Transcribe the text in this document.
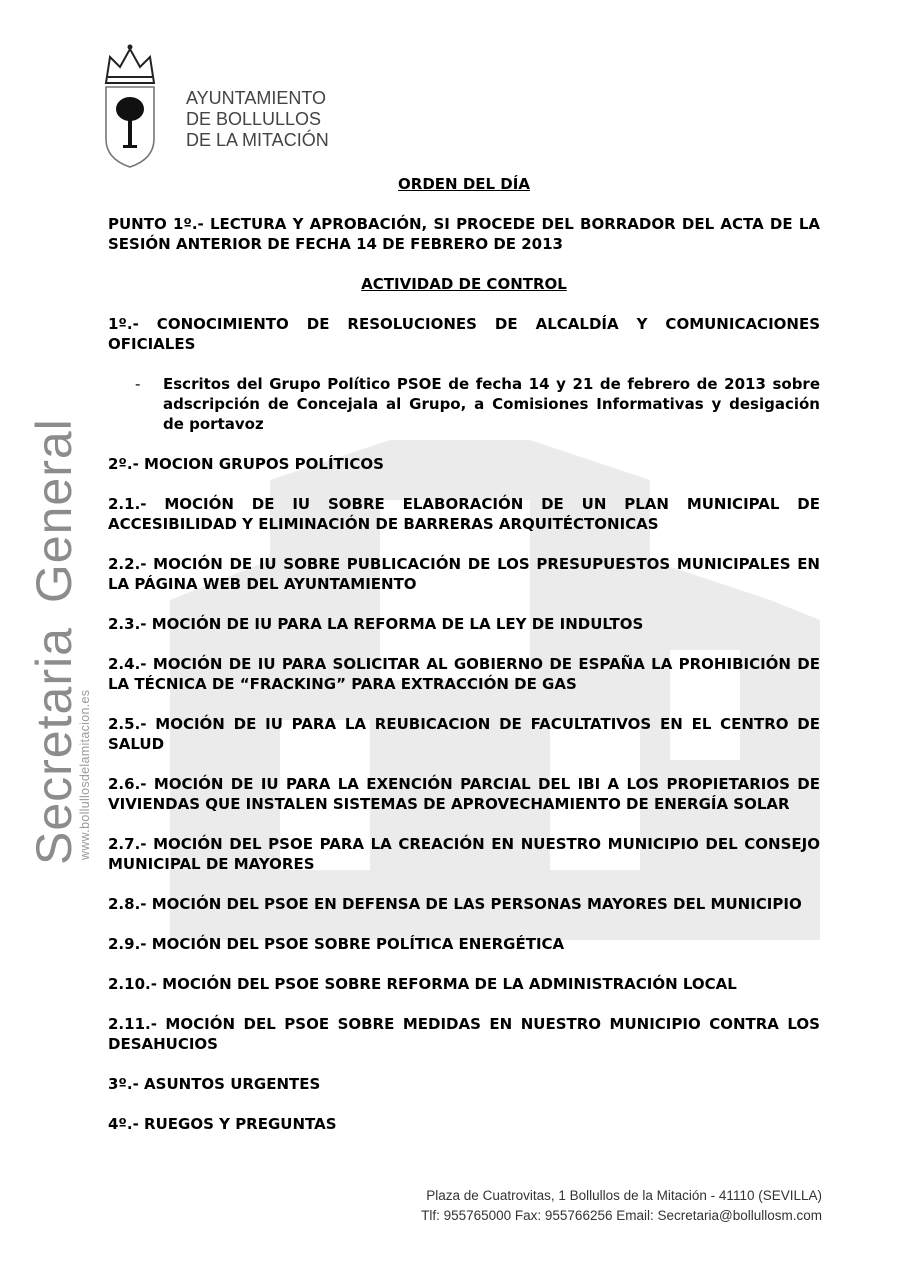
SecretariaGeneral
www.bollullosdelamitacion.es
AYUNTAMIENTO
DE BOLLULLOS
DE LA MITACIÓN

ORDEN DEL DÍA

PUNTO 1º.- LECTURA Y APROBACIÓN, SI PROCEDE DEL BORRADOR DEL ACTA DE LA SESIÓN ANTERIOR DE FECHA 14 DE FEBRERO DE 2013

ACTIVIDAD DE CONTROL

1º.- CONOCIMIENTO DE RESOLUCIONES DE ALCALDÍA Y COMUNICACIONES OFICIALES

-	Escritos del Grupo Político PSOE de fecha 14 y 21 de febrero de 2013 sobre adscripción de Concejala al Grupo, a Comisiones Informativas y desigación de portavoz

2º.- MOCION GRUPOS POLÍTICOS

2.1.- MOCIÓN DE IU SOBRE ELABORACIÓN DE UN PLAN MUNICIPAL DE ACCESIBILIDAD Y ELIMINACIÓN DE BARRERAS ARQUITÉCTONICAS

2.2.- MOCIÓN DE IU SOBRE PUBLICACIÓN DE LOS PRESUPUESTOS MUNICIPALES EN LA PÁGINA WEB DEL AYUNTAMIENTO

2.3.- MOCIÓN DE IU PARA LA REFORMA DE LA LEY DE INDULTOS

2.4.- MOCIÓN DE IU PARA SOLICITAR AL GOBIERNO DE ESPAÑA LA PROHIBICIÓN DE LA TÉCNICA DE “FRACKING” PARA EXTRACCIÓN DE GAS

2.5.- MOCIÓN DE IU PARA LA REUBICACION DE FACULTATIVOS EN EL CENTRO DE SALUD

2.6.- MOCIÓN DE IU PARA LA EXENCIÓN PARCIAL DEL IBI A LOS PROPIETARIOS DE VIVIENDAS QUE INSTALEN SISTEMAS DE APROVECHAMIENTO DE ENERGÍA SOLAR

2.7.- MOCIÓN DEL PSOE PARA LA CREACIÓN EN NUESTRO MUNICIPIO DEL CONSEJO MUNICIPAL DE MAYORES

2.8.- MOCIÓN DEL PSOE EN DEFENSA DE LAS PERSONAS MAYORES DEL MUNICIPIO

2.9.- MOCIÓN DEL PSOE SOBRE POLÍTICA ENERGÉTICA

2.10.- MOCIÓN DEL PSOE SOBRE REFORMA DE LA ADMINISTRACIÓN LOCAL

2.11.- MOCIÓN DEL PSOE SOBRE MEDIDAS EN NUESTRO MUNICIPIO CONTRA LOS DESAHUCIOS

3º.- ASUNTOS URGENTES

4º.- RUEGOS Y PREGUNTAS

Plaza de Cuatrovitas, 1 Bollullos de la Mitación - 41110 (SEVILLA)
Tlf: 955765000 Fax: 955766256 Email: Secretaria@bollullosm.com
